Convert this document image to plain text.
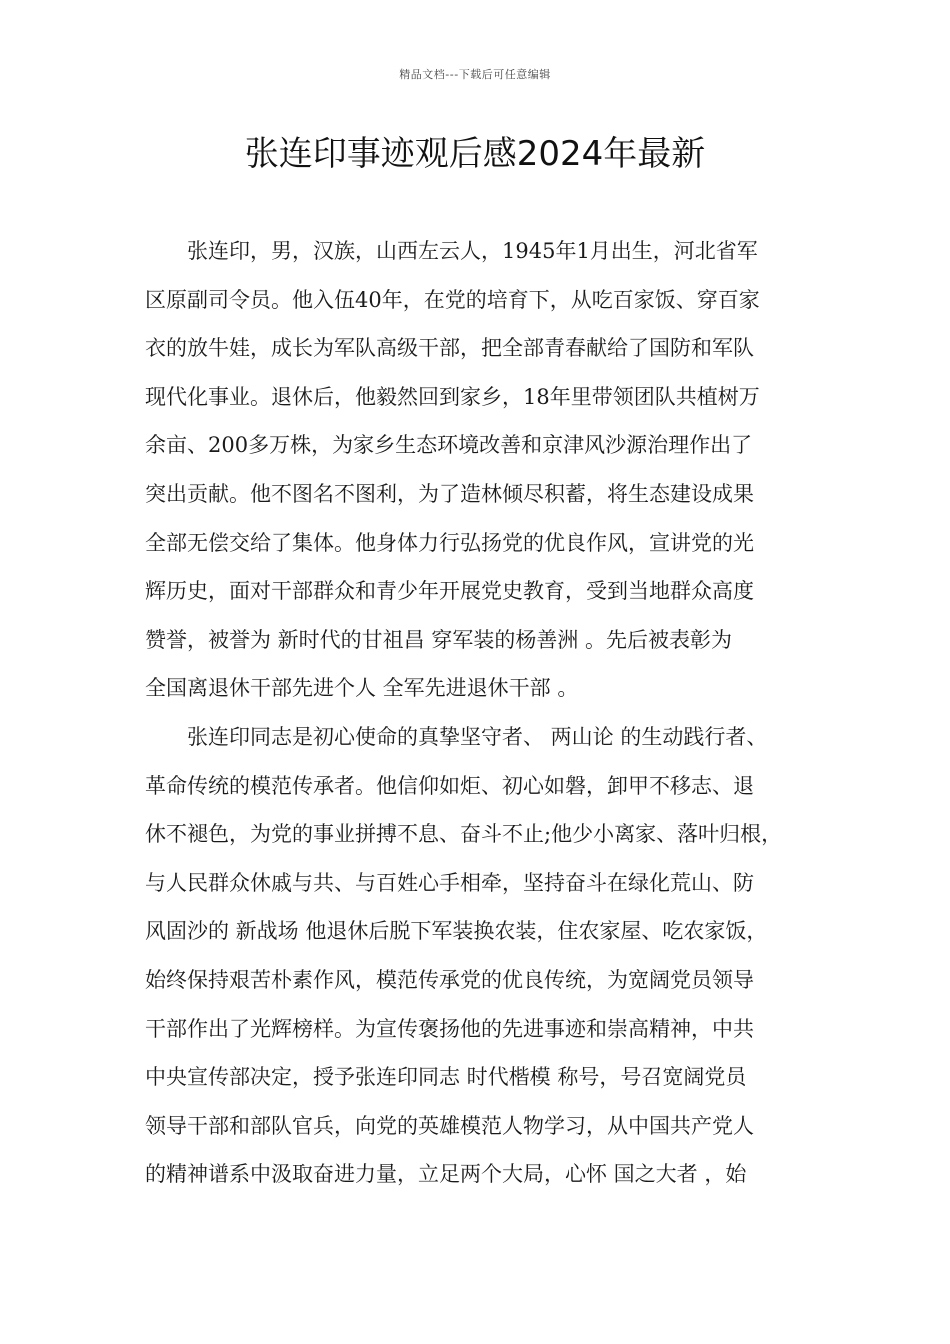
精品文档---下载后可任意编辑
张连印事迹观后感2024年最新
张连印，男，汉族，山西左云人，1945年1月出生，河北省军
区原副司令员。他入伍40年，在党的培育下，从吃百家饭、穿百家
衣的放牛娃，成长为军队高级干部，把全部青春献给了国防和军队
现代化事业。退休后，他毅然回到家乡，18年里带领团队共植树万
余亩、200多万株，为家乡生态环境改善和京津风沙源治理作出了
突出贡献。他不图名不图利，为了造林倾尽积蓄，将生态建设成果
全部无偿交给了集体。他身体力行弘扬党的优良作风，宣讲党的光
辉历史，面对干部群众和青少年开展党史教育，受到当地群众高度
赞誉，被誉为 新时代的甘祖昌 穿军装的杨善洲 。先后被表彰为
全国离退休干部先进个人 全军先进退休干部 。
张连印同志是初心使命的真挚坚守者、 两山论 的生动践行者、
革命传统的模范传承者。他信仰如炬、初心如磐，卸甲不移志、退
休不褪色，为党的事业拼搏不息、奋斗不止;他少小离家、落叶归根，
与人民群众休戚与共、与百姓心手相牵，坚持奋斗在绿化荒山、防
风固沙的 新战场 他退休后脱下军装换农装，住农家屋、吃农家饭，
始终保持艰苦朴素作风，模范传承党的优良传统，为宽阔党员领导
干部作出了光辉榜样。为宣传褒扬他的先进事迹和崇高精神，中共
中央宣传部决定，授予张连印同志 时代楷模 称号，号召宽阔党员
领导干部和部队官兵，向党的英雄模范人物学习，从中国共产党人
的精神谱系中汲取奋进力量，立足两个大局，心怀 国之大者 ，始
